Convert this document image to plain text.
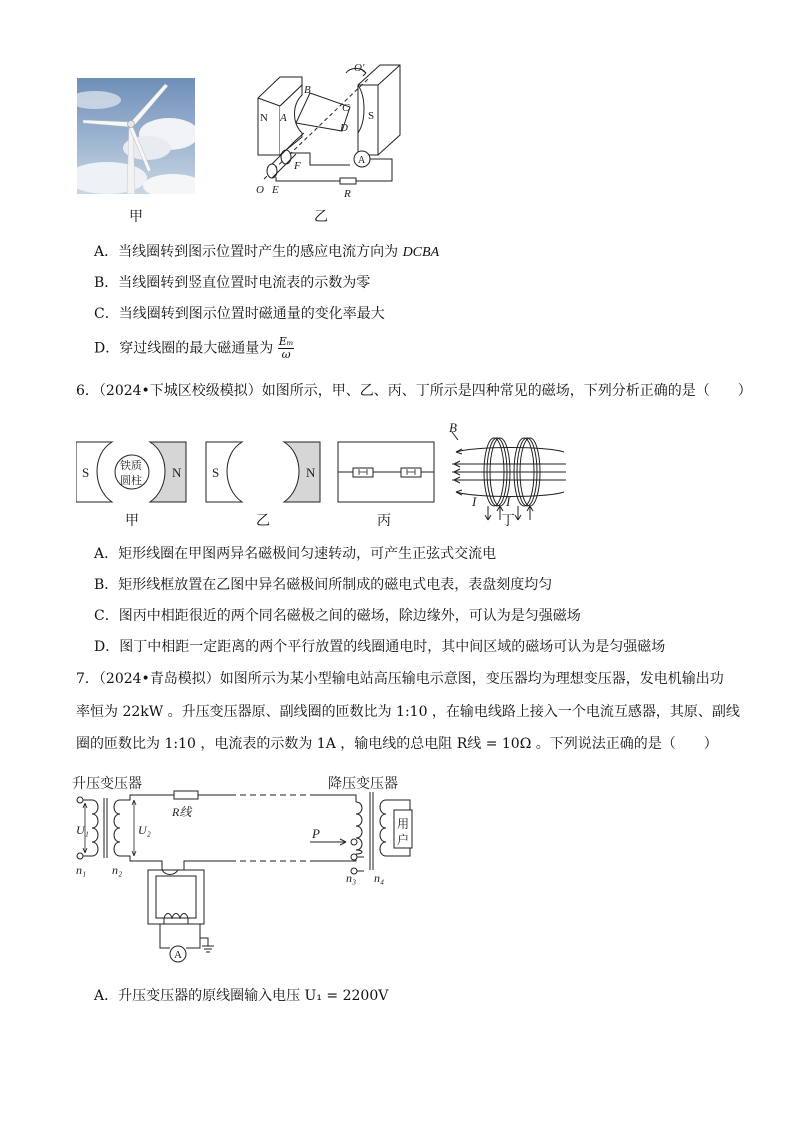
甲
N	S
A
B
C
D
E
F
O
O′
R
A
乙
A．当线圈转到图示位置时产生的感应电流方向为 DCBA
B．当线圈转到竖直位置时电流表的示数为零
C．当线圈转到图示位置时磁通量的变化率最大
D．穿过线圈的最大磁通量为 $\frac{\text{Eₘ}}{\omega}$
6．（2024•下城区校级模拟）如图所示，甲、乙、丙、丁所示是四种常见的磁场，下列分析正确的是（　　）
S	N
铁质
圆柱
S	N
B
I I
甲	乙	丙	丁
A．矩形线圈在甲图两异名磁极间匀速转动，可产生正弦式交流电
B．矩形线框放置在乙图中异名磁极间所制成的磁电式电表，表盘刻度均匀
C．图丙中相距很近的两个同名磁极之间的磁场，除边缘外，可认为是匀强磁场
D．图丁中相距一定距离的两个平行放置的线圈通电时，其中间区域的磁场可认为是匀强磁场
7．（2024•青岛模拟）如图所示为某小型输电站高压输电示意图，变压器均为理想变压器，发电机输出功
率恒为 22kW 。升压变压器原、副线圈的匝数比为 1:10 ，在输电线路上接入一个电流互感器，其原、副线
圈的匝数比为 1:10 ，电流表的示数为 1A ，输电线的总电阻 R线 = 10Ω 。下列说法正确的是（　　）
升压变压器	降压变压器
U₁	U₂
n₁ n₂
n₃ n₄
R线
P
用
户
A
A．升压变压器的原线圈输入电压 U₁ = 2200V
